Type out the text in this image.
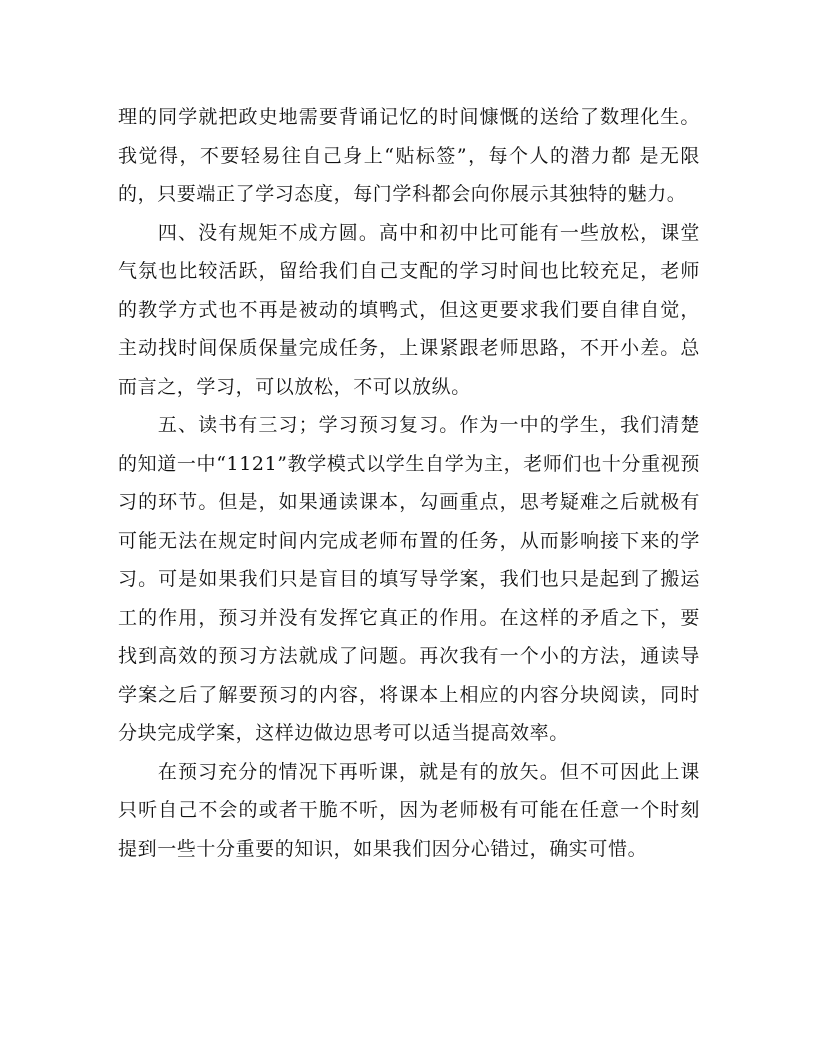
理的同学就把政史地需要背诵记忆的时间慷慨的送给了数理化生。我觉得，不要轻易往自己身上“贴标签”，每个人的潜力都 是无限的，只要端正了学习态度，每门学科都会向你展示其独特的魅力。

四、没有规矩不成方圆。高中和初中比可能有一些放松，课堂气氛也比较活跃，留给我们自己支配的学习时间也比较充足，老师的教学方式也不再是被动的填鸭式，但这更要求我们要自律自觉，主动找时间保质保量完成任务，上课紧跟老师思路，不开小差。总而言之，学习，可以放松，不可以放纵。

五、读书有三习；学习预习复习。作为一中的学生，我们清楚的知道一中“1121”教学模式以学生自学为主，老师们也十分重视预习的环节。但是，如果通读课本，勾画重点，思考疑难之后就极有可能无法在规定时间内完成老师布置的任务，从而影响接下来的学习。可是如果我们只是盲目的填写导学案，我们也只是起到了搬运工的作用，预习并没有发挥它真正的作用。在这样的矛盾之下，要找到高效的预习方法就成了问题。再次我有一个小的方法，通读导学案之后了解要预习的内容，将课本上相应的内容分块阅读，同时分块完成学案，这样边做边思考可以适当提高效率。

在预习充分的情况下再听课，就是有的放矢。但不可因此上课只听自己不会的或者干脆不听，因为老师极有可能在任意一个时刻提到一些十分重要的知识，如果我们因分心错过，确实可惜。
